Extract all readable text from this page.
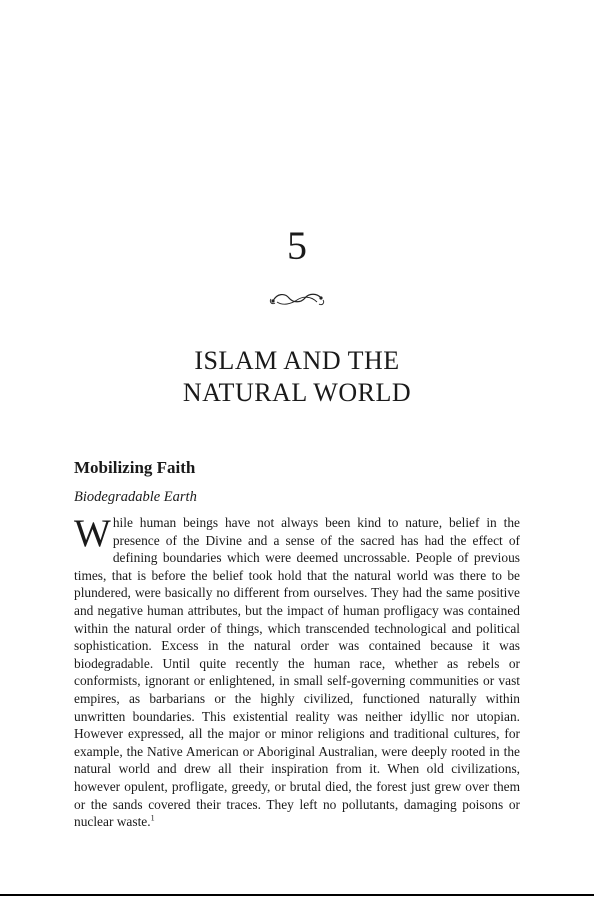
5
ISLAM AND THE
NATURAL WORLD
Mobilizing Faith
Biodegradable Earth

While human beings have not always been kind to nature, belief in the presence of the Divine and a sense of the sacred has had the effect of defining boundaries which were deemed uncrossable. People of previous times, that is before the belief took hold that the natural world was there to be plundered, were basically no different from ourselves. They had the same positive and negative human attributes, but the impact of human profligacy was contained within the natural order of things, which transcended technological and political sophistication. Excess in the natural order was contained because it was biodegradable. Until quite recently the human race, whether as rebels or conformists, ignorant or enlightened, in small self-governing communities or vast empires, as barbarians or the highly civilized, functioned naturally within unwritten boundaries. This existential reality was neither idyllic nor utopian. However expressed, all the major or minor religions and traditional cultures, for example, the Native American or Aboriginal Australian, were deeply rooted in the natural world and drew all their inspiration from it. When old civilizations, however opulent, profligate, greedy, or brutal died, the forest just grew over them or the sands covered their traces. They left no pollutants, damaging poisons or nuclear waste.$^1$
